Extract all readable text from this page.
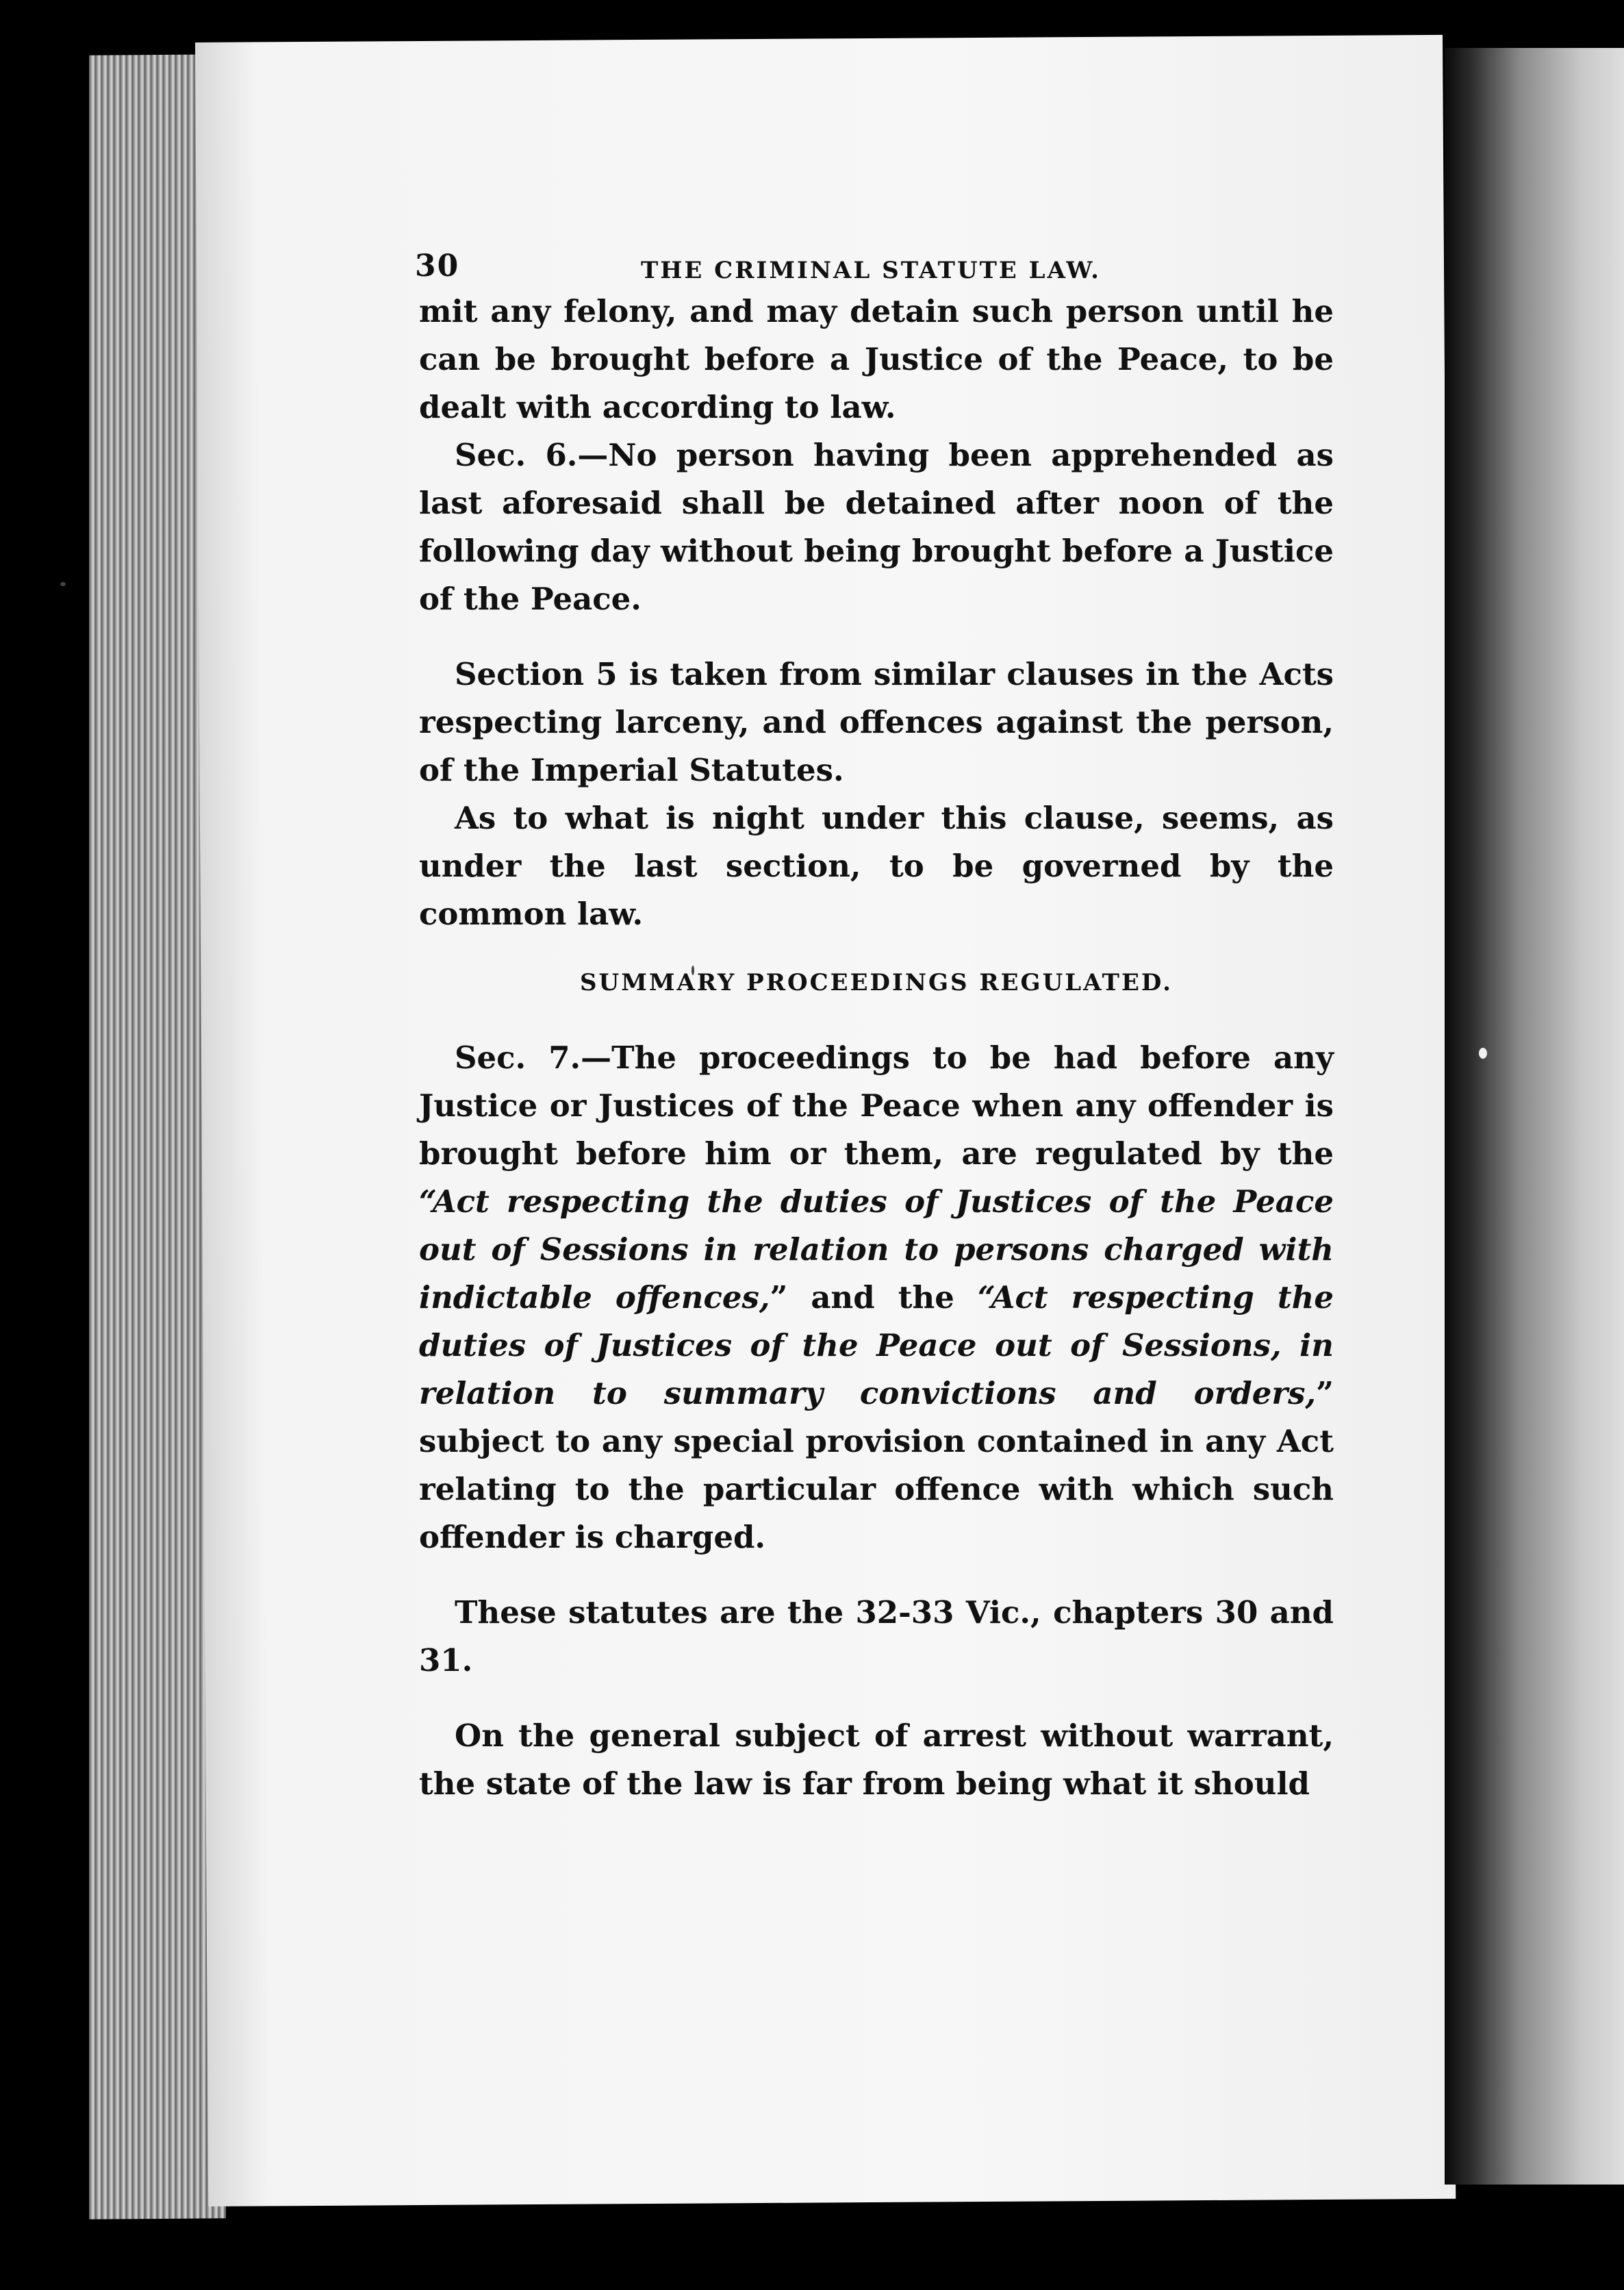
30	THE CRIMINAL STATUTE LAW.

mit any felony, and may detain such person until he can be brought before a Justice of the Peace, to be dealt with according to law.

Sec. 6.—No person having been apprehended as last aforesaid shall be detained after noon of the following day without being brought before a Justice of the Peace.

Section 5 is taken from similar clauses in the Acts respecting larceny, and offences against the person, of the Imperial Statutes.

As to what is night under this clause, seems, as under the last section, to be governed by the common law.

SUMMARY PROCEEDINGS REGULATED.

Sec. 7.—The proceedings to be had before any Justice or Justices of the Peace when any offender is brought before him or them, are regulated by the “Act respecting the duties of Justices of the Peace out of Sessions in relation to persons charged with indictable offences,” and the “Act respecting the duties of Justices of the Peace out of Sessions, in relation to summary convictions and orders,” subject to any special provision contained in any Act relating to the particular offence with which such offender is charged.

These statutes are the 32-33 Vic., chapters 30 and 31.

On the general subject of arrest without warrant, the state of the law is far from being what it should
